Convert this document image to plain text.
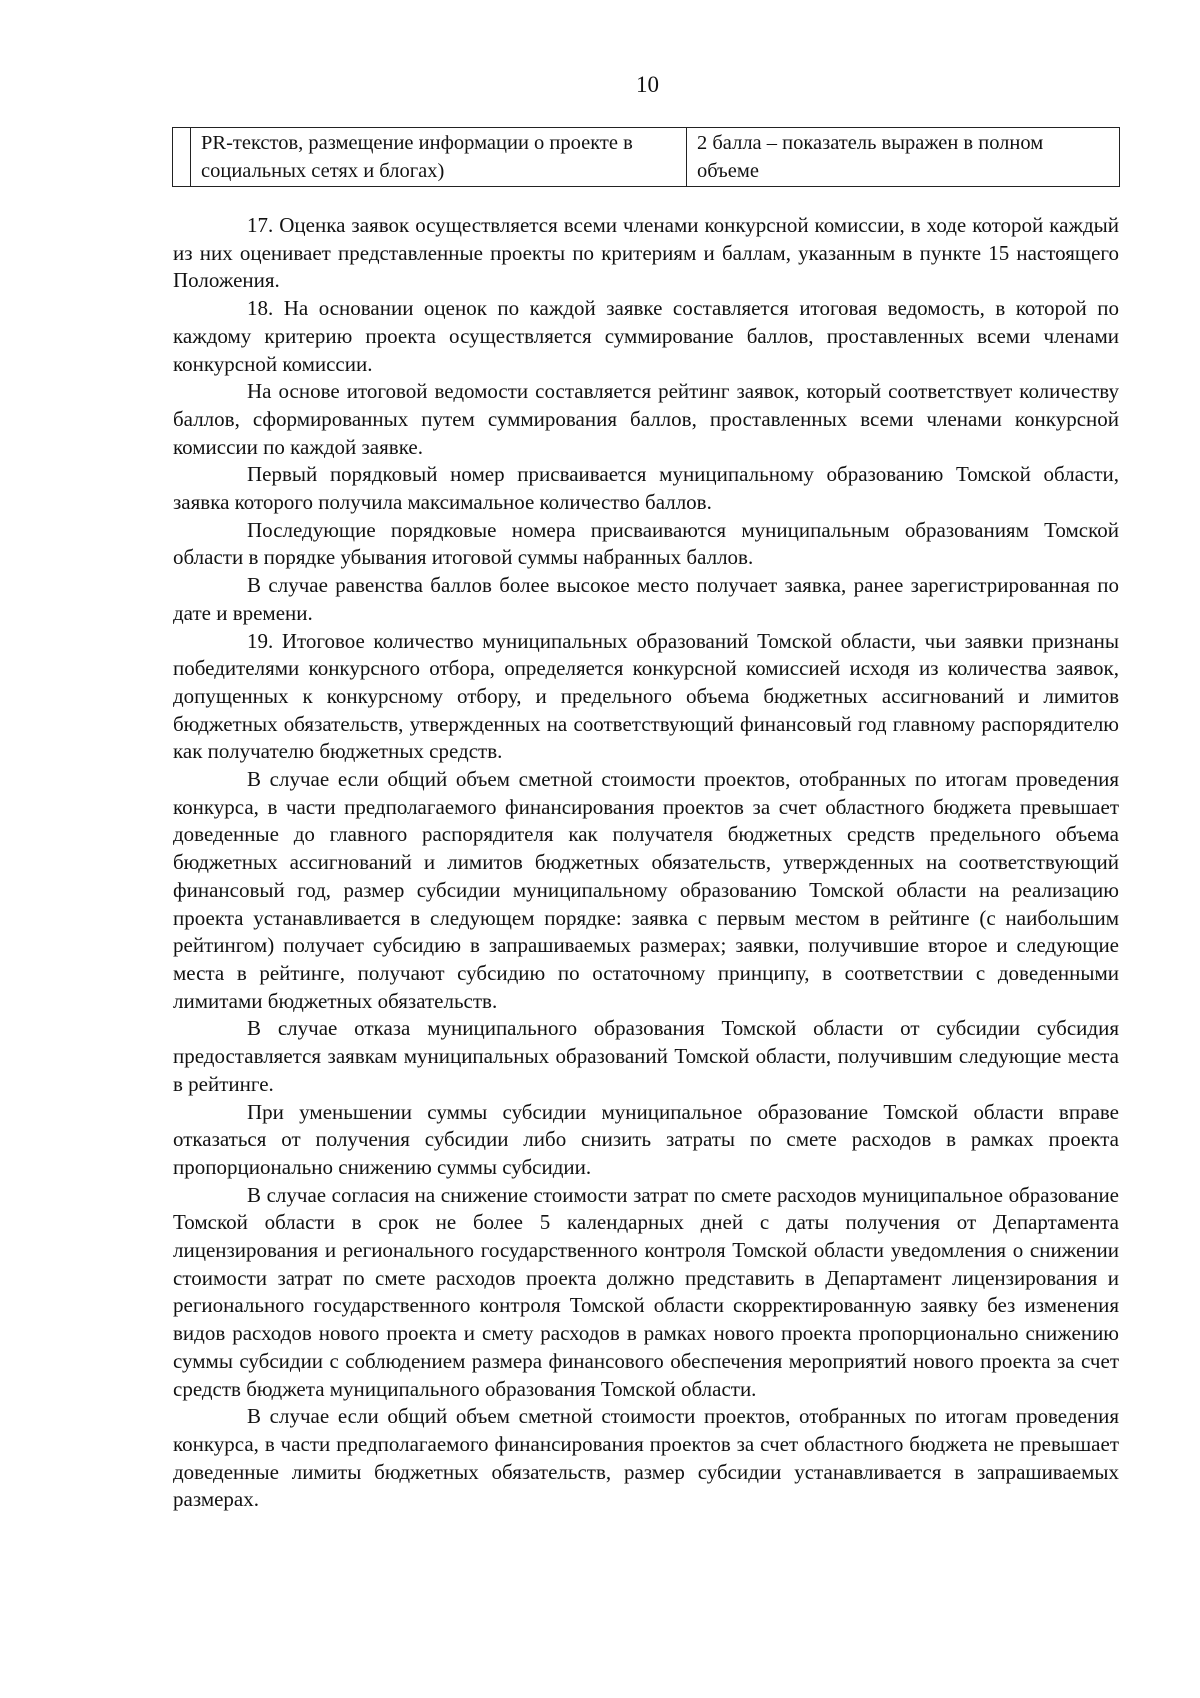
10
	PR-текстов, размещение информации о проекте в социальных сетях и блогах)	2 балла – показатель выражен в полном объеме

17. Оценка заявок осуществляется всеми членами конкурсной комиссии, в ходе которой каждый из них оценивает представленные проекты по критериям и баллам, указанным в пункте 15 настоящего Положения.

18. На основании оценок по каждой заявке составляется итоговая ведомость, в которой по каждому критерию проекта осуществляется суммирование баллов, проставленных всеми членами конкурсной комиссии.

На основе итоговой ведомости составляется рейтинг заявок, который соответствует количеству баллов, сформированных путем суммирования баллов, проставленных всеми членами конкурсной комиссии по каждой заявке.

Первый порядковый номер присваивается муниципальному образованию Томской области, заявка которого получила максимальное количество баллов.

Последующие порядковые номера присваиваются муниципальным образованиям Томской области в порядке убывания итоговой суммы набранных баллов.

В случае равенства баллов более высокое место получает заявка, ранее зарегистрированная по дате и времени.

19. Итоговое количество муниципальных образований Томской области, чьи заявки признаны победителями конкурсного отбора, определяется конкурсной комиссией исходя из количества заявок, допущенных к конкурсному отбору, и предельного объема бюджетных ассигнований и лимитов бюджетных обязательств, утвержденных на соответствующий финансовый год главному распорядителю как получателю бюджетных средств.

В случае если общий объем сметной стоимости проектов, отобранных по итогам проведения конкурса, в части предполагаемого финансирования проектов за счет областного бюджета превышает доведенные до главного распорядителя как получателя бюджетных средств предельного объема бюджетных ассигнований и лимитов бюджетных обязательств, утвержденных на соответствующий финансовый год, размер субсидии муниципальному образованию Томской области на реализацию проекта устанавливается в следующем порядке: заявка с первым местом в рейтинге (с наибольшим рейтингом) получает субсидию в запрашиваемых размерах; заявки, получившие второе и следующие места в рейтинге, получают субсидию по остаточному принципу, в соответствии с доведенными лимитами бюджетных обязательств.

В случае отказа муниципального образования Томской области от субсидии субсидия предоставляется заявкам муниципальных образований Томской области, получившим следующие места в рейтинге.

При уменьшении суммы субсидии муниципальное образование Томской области вправе отказаться от получения субсидии либо снизить затраты по смете расходов в рамках проекта пропорционально снижению суммы субсидии.

В случае согласия на снижение стоимости затрат по смете расходов муниципальное образование Томской области в срок не более 5 календарных дней с даты получения от Департамента лицензирования и регионального государственного контроля Томской области уведомления о снижении стоимости затрат по смете расходов проекта должно представить в Департамент лицензирования и регионального государственного контроля Томской области скорректированную заявку без изменения видов расходов нового проекта и смету расходов в рамках нового проекта пропорционально снижению суммы субсидии с соблюдением размера финансового обеспечения мероприятий нового проекта за счет средств бюджета муниципального образования Томской области.

В случае если общий объем сметной стоимости проектов, отобранных по итогам проведения конкурса, в части предполагаемого финансирования проектов за счет областного бюджета не превышает доведенные лимиты бюджетных обязательств, размер субсидии устанавливается в запрашиваемых размерах.
